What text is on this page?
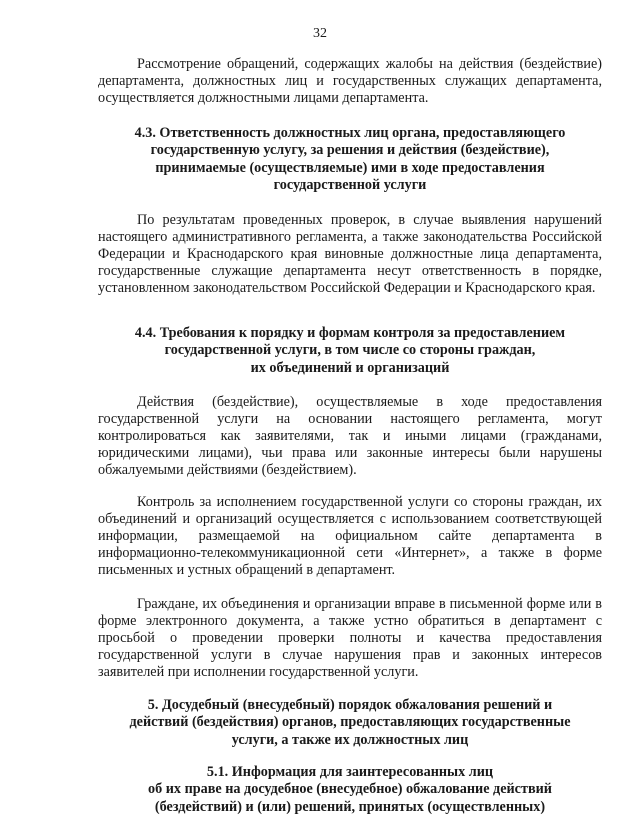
32

Рассмотрение обращений, содержащих жалобы на действия (бездействие) департамента, должностных лиц и государственных служащих департамента, осуществляется должностными лицами департамента.

4.3. Ответственность должностных лиц органа, предоставляющего
государственную услугу, за решения и действия (бездействие),
принимаемые (осуществляемые) ими в ходе предоставления
государственной услуги

По результатам проведенных проверок, в случае выявления нарушений настоящего административного регламента, а также законодательства Российской Федерации и Краснодарского края виновные должностные лица департамента, государственные служащие департамента несут ответственность в порядке, установленном законодательством Российской Федерации и Краснодарского края.

4.4. Требования к порядку и формам контроля за предоставлением
государственной услуги, в том числе со стороны граждан,
их объединений и организаций

Действия (бездействие), осуществляемые в ходе предоставления государственной услуги на основании настоящего регламента, могут контролироваться как заявителями, так и иными лицами (гражданами, юридическими лицами), чьи права или законные интересы были нарушены обжалуемыми действиями (бездействием).

Контроль за исполнением государственной услуги со стороны граждан, их объединений и организаций осуществляется с использованием соответствующей информации, размещаемой на официальном сайте департамента в информационно-телекоммуникационной сети «Интернет», а также в форме письменных и устных обращений в департамент.

Граждане, их объединения и организации вправе в письменной форме или в форме электронного документа, а также устно обратиться в департамент с просьбой о проведении проверки полноты и качества предоставления государственной услуги в случае нарушения прав и законных интересов заявителей при исполнении государственной услуги.

5. Досудебный (внесудебный) порядок обжалования решений и
действий (бездействия) органов, предоставляющих государственные
услуги, а также их должностных лиц
5.1. Информация для заинтересованных лиц
об их праве на досудебное (внесудебное) обжалование действий
(бездействий) и (или) решений, принятых (осуществленных)
